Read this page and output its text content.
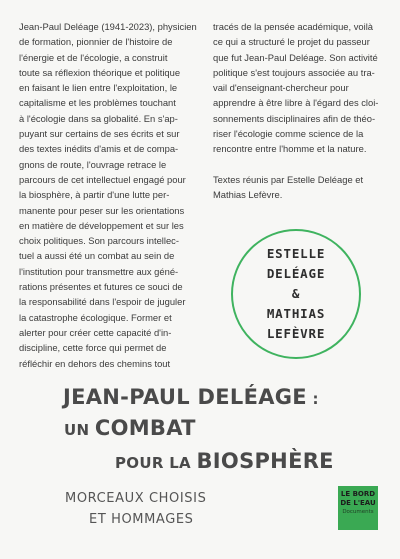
Jean-Paul Deléage (1941-2023), physicien
de formation, pionnier de l'histoire de
l'énergie et de l'écologie, a construit
toute sa réflexion théorique et politique
en faisant le lien entre l'exploitation, le
capitalisme et les problèmes touchant
à l'écologie dans sa globalité. En s'ap-
puyant sur certains de ses écrits et sur
des textes inédits d'amis et de compa-
gnons de route, l'ouvrage retrace le
parcours de cet intellectuel engagé pour
la biosphère, à partir d'une lutte per-
manente pour peser sur les orientations
en matière de développement et sur les
choix politiques. Son parcours intellec-
tuel a aussi été un combat au sein de
l'institution pour transmettre aux géné-
rations présentes et futures ce souci de
la responsabilité dans l'espoir de juguler
la catastrophe écologique. Former et
alerter pour créer cette capacité d'in-
discipline, cette force qui permet de
réfléchir en dehors des chemins tout
tracés de la pensée académique, voilà
ce qui a structuré le projet du passeur
que fut Jean-Paul Deléage. Son activité
politique s'est toujours associée au tra-
vail d'enseignant-chercheur pour
apprendre à être libre à l'égard des cloi-
sonnements disciplinaires afin de théo-
riser l'écologie comme science de la
rencontre entre l'homme et la nature.
Textes réunis par Estelle Deléage et
Mathias Lefèvre.
ESTELLE
DELÉAGE
&
MATHIAS
LEFÈVRE
JEAN-PAUL DELÉAGE :
UN COMBAT
POUR LA BIOSPHÈRE
MORCEAUX CHOISIS
ET HOMMAGES
LE BORD
DE L'EAU
Documents
